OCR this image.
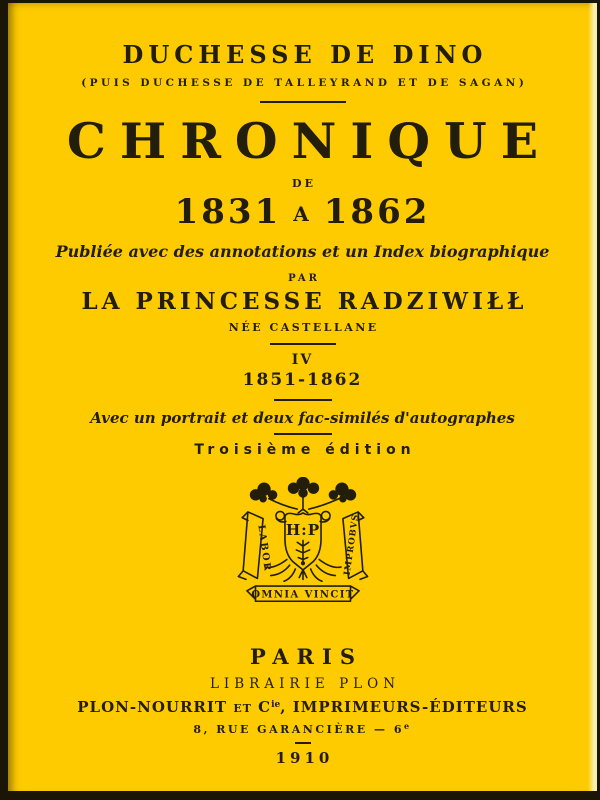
DUCHESSE DE DINO
(PUIS DUCHESSE DE TALLEYRAND ET DE SAGAN)
CHRONIQUE
DE
1831 A 1862
Publiée avec des annotations et un Index biographique
PAR
LA PRINCESSE RADZIWIŁŁ
NÉE CASTELLANE
IV
1851-1862
Avec un portrait et deux fac-similés d'autographes
Troisième édition
LABOR	IMPROBVS
H:P
OMNIA VINCIT
PARIS
LIBRAIRIE PLON
PLON-NOURRIT ET $C^{ie}$, IMPRIMEURS-ÉDITEURS
8, RUE GARANCIÈRE — 6e
1910
